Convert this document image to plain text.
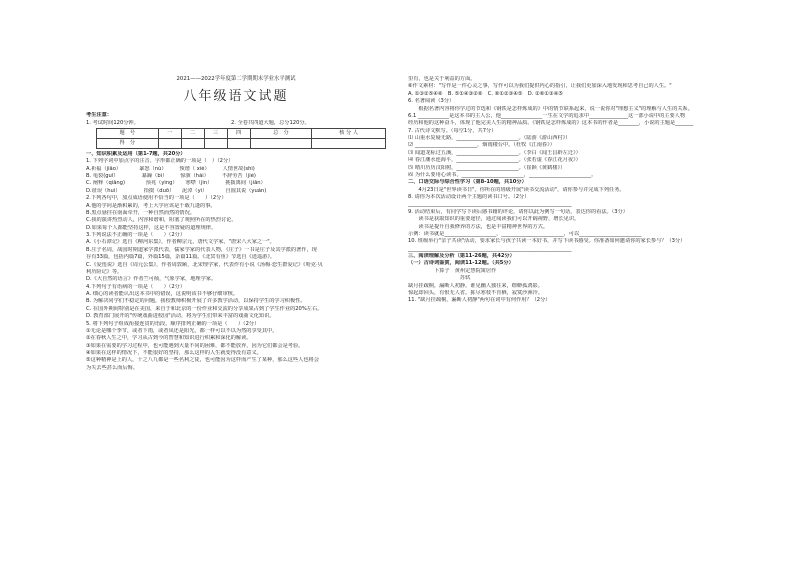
2021——2022学年度第二学期期末学业水平测试
八年级语文试题
考生注意：
1. 考试时间120分钟。	2. 全卷共四道大题，总分120分。
题　号	一	二	三	四	总　分	核 分 人
得　分						
一、知识积累及运用（第1-7题，共20分）
1. 下列字词中加点字的注音、字形都正确的一项是（　）（2分）
A.祈福（jiǎo）　　　　暴怒（nù）　　　恢谐（ xié）　　　人情世故(shì)
B. 龟裂(guī）　　　　　暴躁（bì）　　　惊骇（hài）　　　不辞劳苦（jié)
C. 阐释（qiǎng)　　　　预兆（yìng）　　寒噤（jìn）　　　挑拨离间（jiān）
D.诳误（huì）　　　　　拾掇（duō）　　泥淖（yì）　　　　自圆其说（yuán)
2.下列各句中，加点成语使用不恰当的一项是（　　）（2分）
A.他的学问是渐积累的，考上大学应该是千载九逢的事。
B.黑点悬挂在南面牵开，一种自然而然的情况。
C.我的演讲热烈动人，内容和谐和，阻塞了观照所在的热烈讨论。
D.如果每个人都能坚持这样，这是不容置疑的道理规律。
3.下列说法不正确的一项是（　　）（2分）
A.《小石潭记》选自《柳河东集》，作者柳宗元，唐代文学家，"唐宋八大家之一"。
B.庄子名周，战国时期道家学派代表，儒家学家的代表人物，《庄子》一书是庄子及其学派的著作，现
存有33篇，包括内篇7篇，外篇15篇，杂篇11篇。《北冥有鱼》节选自《逍遥游》。
C.《爱莲说》选自《周元公集》，作者周敦颐，北宋理学家，代表作有小说《汤梅·恋生群爱记》《哈克·贝
利历险记》等。
D.《大自然的语言》作者竺可桢，气象学家，地理学家。
4.下列句子有语病的一项是（　　）（2分）
A. 细心的读者能认出这本书中的错误，这说明该书不够仔细审核。
B. 为解决同学们不稳定的问题，我校教师积极开展了许多教学活动，以保持学生的学习积极性。
C. 在国外期间特别是在美国，来自于和北京的一份作业和交流的分享成果占到了学生作业的20%左右。
D. 教育部门展开的"传统戏曲进校园"活动，将为学生们带来丰富的戏曲文化知识。
5. 将下列句子组成衔接连贯的语段，顺序排列正确的一项是（　　）（2分）
①无论是哪个季节，或者下雨，或者凤还是阳光，都一样可以不以为然的享受其中。
②在春秋人生之中，学习从古到今的智慧和知识进行积累和深化的解读。
③如果在需要的学习过程中，也可能遇到大量不同的困难，都不能放弃，因为它们都会是考验。
④如果在这样的情况下，不能很好的坚持，那么这样的人生就变得没有意义。
⑤这种精神是上的人，十之八九都是一些名利之徒，也可能因为这样而产生了某种，那么这些人也将会
为失去些甚么而后悔。
里有，也是关于利益的方面。
⑥作文素材："写作是一件心灵之事，写作可以为我们提供内心的指引，让我们更加深入地发现和思考自己的人生。"
A. ①③②⑤④⑥　B. ⑤①④③②⑥　C. ⑥①②③④⑤　D. ②⑥①③④⑤
6. 名著阅读（3分）
　　根据名著内容将你学过的节选和《钢铁是怎样炼成的》中的情节联系起来，说一说你对"理想主义"的理解与人生的关系。
6.1 ____________是这本书的主人公，他________________一生在文学的追求中_______________这一部小说中的主要人物
经历和他的这种奋斗，体现了他完美人生的精神品质。《钢铁是怎样炼成的》这本书的作者是________，小说的主题是_______
7. 古代诗文默写。（每空1分，共7分）
⑴ 山重水复疑无路，________________________。（陆游《游山西村》）
⑵ ________________________，烟雨楼台中。（杜牧《江南春》）
⑶ 闻道龙标过五溪，________________________。（李白《闻王昌龄左迁》）
⑷ 春江潮水连海平，________________________。（张若虚《春江花月夜》）
⑸ 晴川历历汉阳树，________________________。（崔颢《黄鹤楼》）
⑹ 为什么要用心读书，________________________，________________________。
二、口语交际与综合性学习（第8-10题，共10分）
　　4月23日是"世界读书日"，你所在的班级开展"读书交流活动"，请你参与并完成下列任务。
8. 请你为本次活动设计两个主题的读书口号。（2分）
_______________________________________________________________
9. 活动结束后，有同学写下读后感书籍的评论，请你以此为例写一句话，表达你的看法。（3分）
　　读书是获取知识的重要途径，通过阅读我们可以开阔视野，增长见识。
　　读书是提升自我修养的方法，也是丰富精神世界的方式。
示例：读书就是____________________，________________________，可以________________________
10. 班级举行"亲子共读"活动，要求家长与孩子共读一本好书，并写下读书感受。你准备如何邀请你的家长参与？（3分）
_______________________________________________________________
三、阅读理解及分析（第11-26题，共42分）
（一）古诗词鉴赏，阅读11-12题。（共5分）
　　　　　卜算子　黄州定慧院寓居作
　　　　　　　　　　苏轼
缺月挂疏桐，漏断人初静。谁见幽人独往来，缥缈孤鸿影。
惊起却回头，有恨无人省。拣尽寒枝不肯栖，寂寞沙洲冷。
11. "缺月挂疏桐，漏断人初静"两句在词中有何作用？（2分）
